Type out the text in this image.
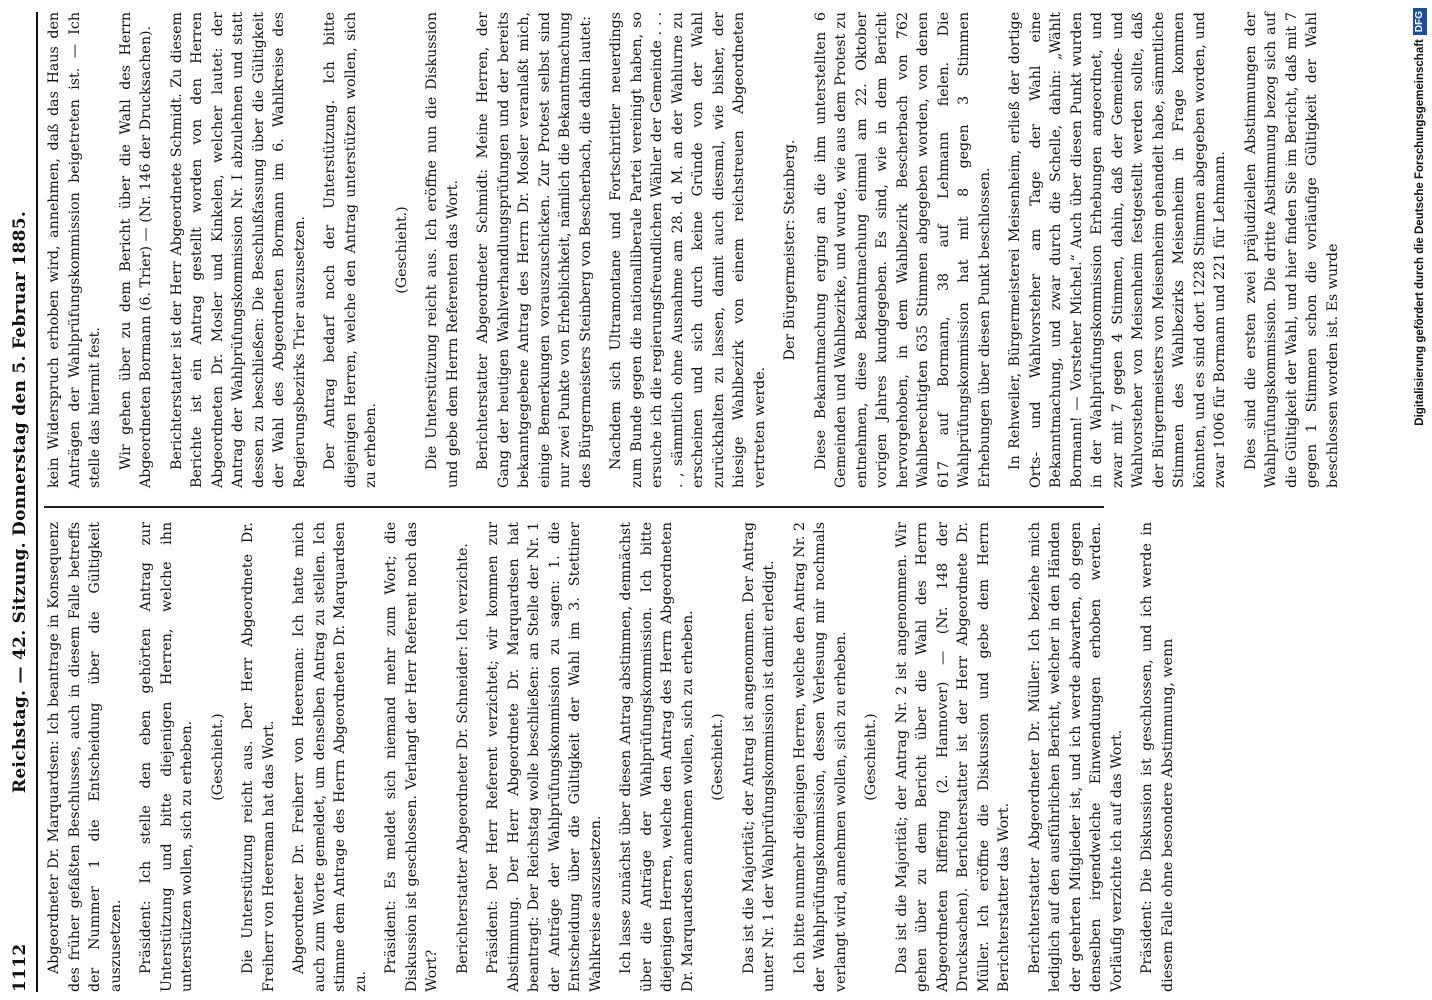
1112
Reichstag. — 42. Sitzung. Donnerstag den 5. Februar 1885. Abgeordneter Dr. Marquardsen: Ich beantrage in Konsequenz des früher gefaßten Beschlusses, auch in diesem Falle betreffs der Nummer 1 die Entscheidung über die Gültigkeit auszusetzen. Präsident: Ich stelle den eben gehörten Antrag zur Unterstützung und bitte diejenigen Herren, welche ihn unterstützen wollen, sich zu erheben. (Geschieht.) Die Unterstützung reicht aus. Der Herr Abgeordnete Dr. Freiherr von Heereman hat das Wort. Abgeordneter Dr. Freiherr von Heereman: Ich hatte mich auch zum Worte gemeldet, um denselben Antrag zu stellen. Ich stimme dem Antrage des Herrn Abgeordneten Dr. Marquardsen zu.

Präsident: Es meldet sich niemand mehr zum Wort; die Diskussion ist geschlossen. Verlangt der Herr Referent noch das Wort? Berichterstatter Abgeordneter Dr. Schneider: Ich verzichte. Präsident: Der Herr Referent verzichtet; wir kommen zur Abstimmung. Der Herr Abgeordnete Dr. Marquardsen hat beantragt: Der Reichstag wolle beschließen: an Stelle der Nr. 1 der Anträge der Wahlprüfungskommission zu sagen: 1. die Entscheidung über die Gültigkeit der Wahl im 3. Stettiner Wahlkreise auszusetzen. Ich lasse zunächst über diesen Antrag abstimmen, demnächst über die Anträge der Wahlprüfungskommission. Ich bitte diejenigen Herren, welche den Antrag des Herrn Abgeordneten Dr. Marquardsen annehmen wollen, sich zu erheben. (Geschieht.) Das ist die Majorität; der Antrag ist angenommen. Der Antrag unter Nr. 1 der Wahlprüfungskommission ist damit erledigt. Ich bitte nunmehr diejenigen Herren, welche den Antrag Nr. 2 der Wahlprüfungskommission, dessen Verlesung mir nochmals verlangt wird, annehmen wollen, sich zu erheben. (Geschieht.) Das ist die Majorität; der Antrag Nr. 2 ist angenommen. Wir gehen über zu dem Bericht über die Wahl des Herrn Abgeordneten Riffering (2. Hannover) — (Nr. 148 der Drucksachen). Berichterstatter ist der Herr Abgeordnete Dr. Müller. Ich eröffne die Diskussion und gebe dem Herrn Berichterstatter das Wort. Berichterstatter Abgeordneter Dr. Müller: Ich beziehe mich lediglich auf den ausführlichen Bericht, welcher in den Händen der geehrten Mitglieder ist, und ich werde abwarten, ob gegen denselben irgendwelche Einwendungen erhoben werden. Vorläufig verzichte ich auf das Wort. Präsident: Die Diskussion ist geschlossen, und ich werde in diesem Falle ohne besondere Abstimmung, wenn

kein Widerspruch erhoben wird, annehmen, daß das Haus den Anträgen der Wahlprüfungskommission beigetreten ist. — Ich stelle das hiermit fest. Wir gehen über zu dem Bericht über die Wahl des Herrn Abgeordneten Bormann (6. Trier) — (Nr. 146 der Drucksachen). Berichterstatter ist der Herr Abgeordnete Schmidt. Zu diesem Berichte ist ein Antrag gestellt worden von den Herren Abgeordneten Dr. Mosler und Kinkelen, welcher lautet: der Antrag der Wahlprüfungskommission Nr. I abzulehnen und statt dessen zu beschließen: Die Beschlußfassung über die Gültigkeit der Wahl des Abgeordneten Bormann im 6. Wahlkreise des Regierungsbezirks Trier auszusetzen. Der Antrag bedarf noch der Unterstützung. Ich bitte diejenigen Herren, welche den Antrag unterstützen wollen, sich zu erheben.

(Geschieht.) Die Unterstützung reicht aus. Ich eröffne nun die Diskussion und gebe dem Herrn Referenten das Wort. Berichterstatter Abgeordneter Schmidt: Meine Herren, der Gang der heutigen Wahlverhandlungsprüfungen und der bereits bekanntgegebene Antrag des Herrn Dr. Mosler veranlaßt mich, einige Bemerkungen vorauszuschicken. Zur Protest selbst sind nur zwei Punkte von Erheblichkeit, nämlich die Bekanntmachung des Bürgermeisters Steinberg von Bescherbach, die dahin lautet: Nachdem sich Ultramontane und Fortschrittler neuerdings zum Bunde gegen die nationalliberale Partei vereinigt haben, so ersuche ich die regierungsfreundlichen Wähler der Gemeinde . . . . , sämmtlich ohne Ausnahme am 28. d. M. an der Wahlurne zu erscheinen und sich durch keine Gründe von der Wahl zurückhalten zu lassen, damit auch diesmal, wie bisher, der hiesige Wahlbezirk von einem reichstreuen Abgeordneten vertreten werde.

Der Bürgermeister: Steinberg. Diese Bekanntmachung erging an die ihm unterstellten 6 Gemeinden und Wahlbezirke, und wurde, wie aus dem Protest zu entnehmen, diese Bekanntmachung einmal am 22. Oktober vorigen Jahres kundgegeben. Es sind, wie in dem Bericht hervorgehoben, in dem Wahlbezirk Bescherbach von 762 Wahlberechtigten 635 Stimmen abgegeben worden, von denen 617 auf Bormann, 38 auf Lehmann fielen. Die Wahlprüfungskommission hat mit 8 gegen 3 Stimmen Erhebungen über diesen Punkt beschlossen. In Rehweiler, Bürgermeisterei Meisenheim, erließ der dortige Orts- und Wahlvorsteher am Tage der Wahl eine Bekanntmachung, und zwar durch die Schelle, dahin: „Wählt Bormann! — Vorsteher Michel.“ Auch über diesen Punkt wurden in der Wahlprüfungskommission Erhebungen angeordnet, und zwar mit 7 gegen 4 Stimmen, dahin, daß der Gemeinde- und Wahlvorsteher von Meisenheim festgestellt werden sollte, daß der Bürgermeisters von Meisenheim gehandelt habe, sämmtliche Stimmen des Wahlbezirks Meisenheim in Frage kommen könnten, und es sind dort 1228 Stimmen abgegeben worden, und zwar 1006 für Bormann und 221 für Lehmann. Dies sind die ersten zwei präjudiziellen Abstimmungen der Wahlprüfungskommission. Die dritte Abstimmung bezog sich auf die Gültigkeit der Wahl, und hier finden Sie im Bericht, daß mit 7 gegen 1 Stimmen schon die vorläufige Gültigkeit der Wahl beschlossen worden ist. Es wurde	Digitalisierung gefördert durch die Deutsche Forschungsgemeinschaft
DFG
